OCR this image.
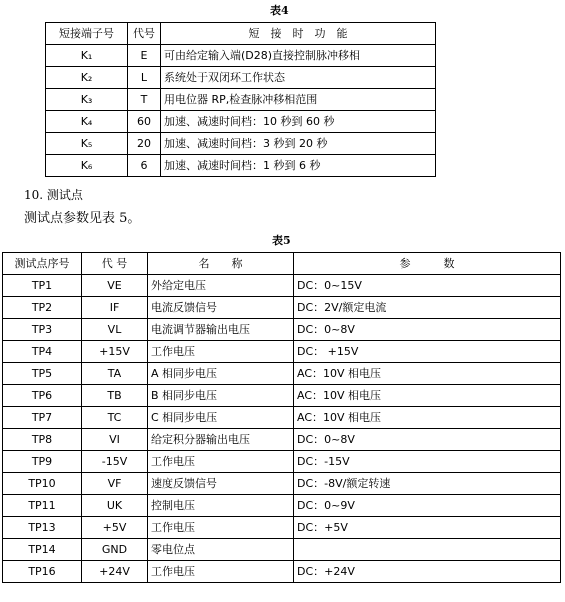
表4
短接端子号	代号	短　接　时　功　能
K₁	E	可由给定输入端(D28)直接控制脉冲移相
K₂	L	系统处于双闭环工作状态
K₃	T	用电位器 RP,检查脉冲移相范围
K₄	60	加速、减速时间档：10 秒到 60 秒
K₅	20	加速、减速时间档：3 秒到 20 秒
K₆	6	加速、减速时间档：1 秒到 6 秒
10. 测试点
测试点参数见表 5。
表5
测试点序号	代 号	名　　称	参　　　数
TP1	VE	外给定电压	DC：0~15V
TP2	IF	电流反馈信号	DC：2V/额定电流
TP3	VL	电流调节器输出电压	DC：0~8V
TP4	+15V	工作电压	DC： +15V
TP5	TA	A 相同步电压	AC：10V 相电压
TP6	TB	B 相同步电压	AC：10V 相电压
TP7	TC	C 相同步电压	AC：10V 相电压
TP8	VI	给定积分器输出电压	DC：0~8V
TP9	-15V	工作电压	DC：-15V
TP10	VF	速度反馈信号	DC：-8V/额定转速
TP11	UK	控制电压	DC：0~9V
TP13	+5V	工作电压	DC：+5V
TP14	GND	零电位点	
TP16	+24V	工作电压	DC：+24V
